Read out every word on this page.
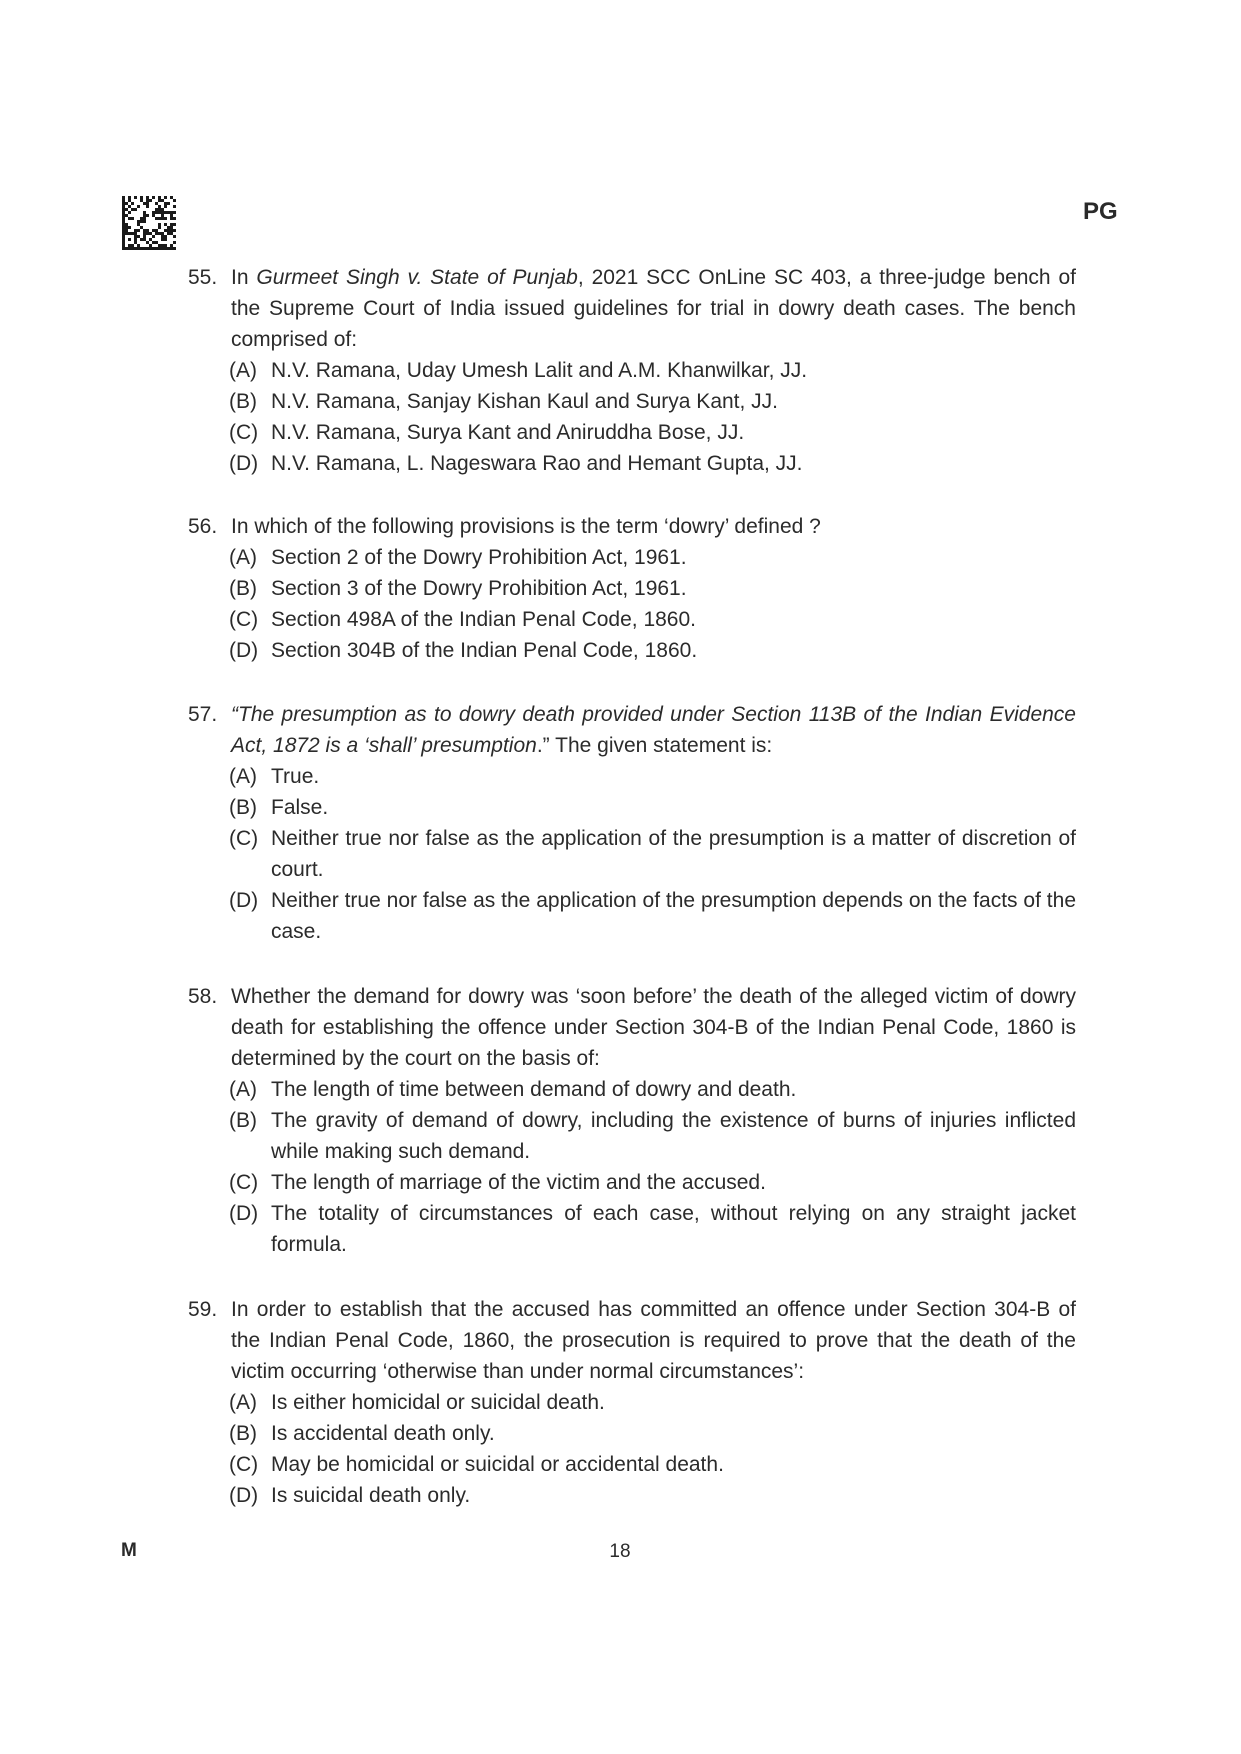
PG
55. In Gurmeet Singh v. State of Punjab, 2021 SCC OnLine SC 403, a three-judge bench of the Supreme Court of India issued guidelines for trial in dowry death cases. The bench comprised of:
(A) N.V. Ramana, Uday Umesh Lalit and A.M. Khanwilkar, JJ.
(B) N.V. Ramana, Sanjay Kishan Kaul and Surya Kant, JJ.
(C) N.V. Ramana, Surya Kant and Aniruddha Bose, JJ.
(D) N.V. Ramana, L. Nageswara Rao and Hemant Gupta, JJ.
56. In which of the following provisions is the term ‘dowry’ defined ?
(A) Section 2 of the Dowry Prohibition Act, 1961.
(B) Section 3 of the Dowry Prohibition Act, 1961.
(C) Section 498A of the Indian Penal Code, 1860.
(D) Section 304B of the Indian Penal Code, 1860.
57. “The presumption as to dowry death provided under Section 113B of the Indian Evidence Act, 1872 is a ‘shall’ presumption.” The given statement is:
(A) True.
(B) False.
(C) Neither true nor false as the application of the presumption is a matter of discretion of court.
(D) Neither true nor false as the application of the presumption depends on the facts of the case.
58. Whether the demand for dowry was ‘soon before’ the death of the alleged victim of dowry death for establishing the offence under Section 304-B of the Indian Penal Code, 1860 is determined by the court on the basis of:
(A) The length of time between demand of dowry and death.
(B) The gravity of demand of dowry, including the existence of burns of injuries inflicted while making such demand.
(C) The length of marriage of the victim and the accused.
(D) The totality of circumstances of each case, without relying on any straight jacket formula.
59. In order to establish that the accused has committed an offence under Section 304-B of the Indian Penal Code, 1860, the prosecution is required to prove that the death of the victim occurring ‘otherwise than under normal circumstances’:
(A) Is either homicidal or suicidal death.
(B) Is accidental death only.
(C) May be homicidal or suicidal or accidental death.
(D) Is suicidal death only.
M	18
